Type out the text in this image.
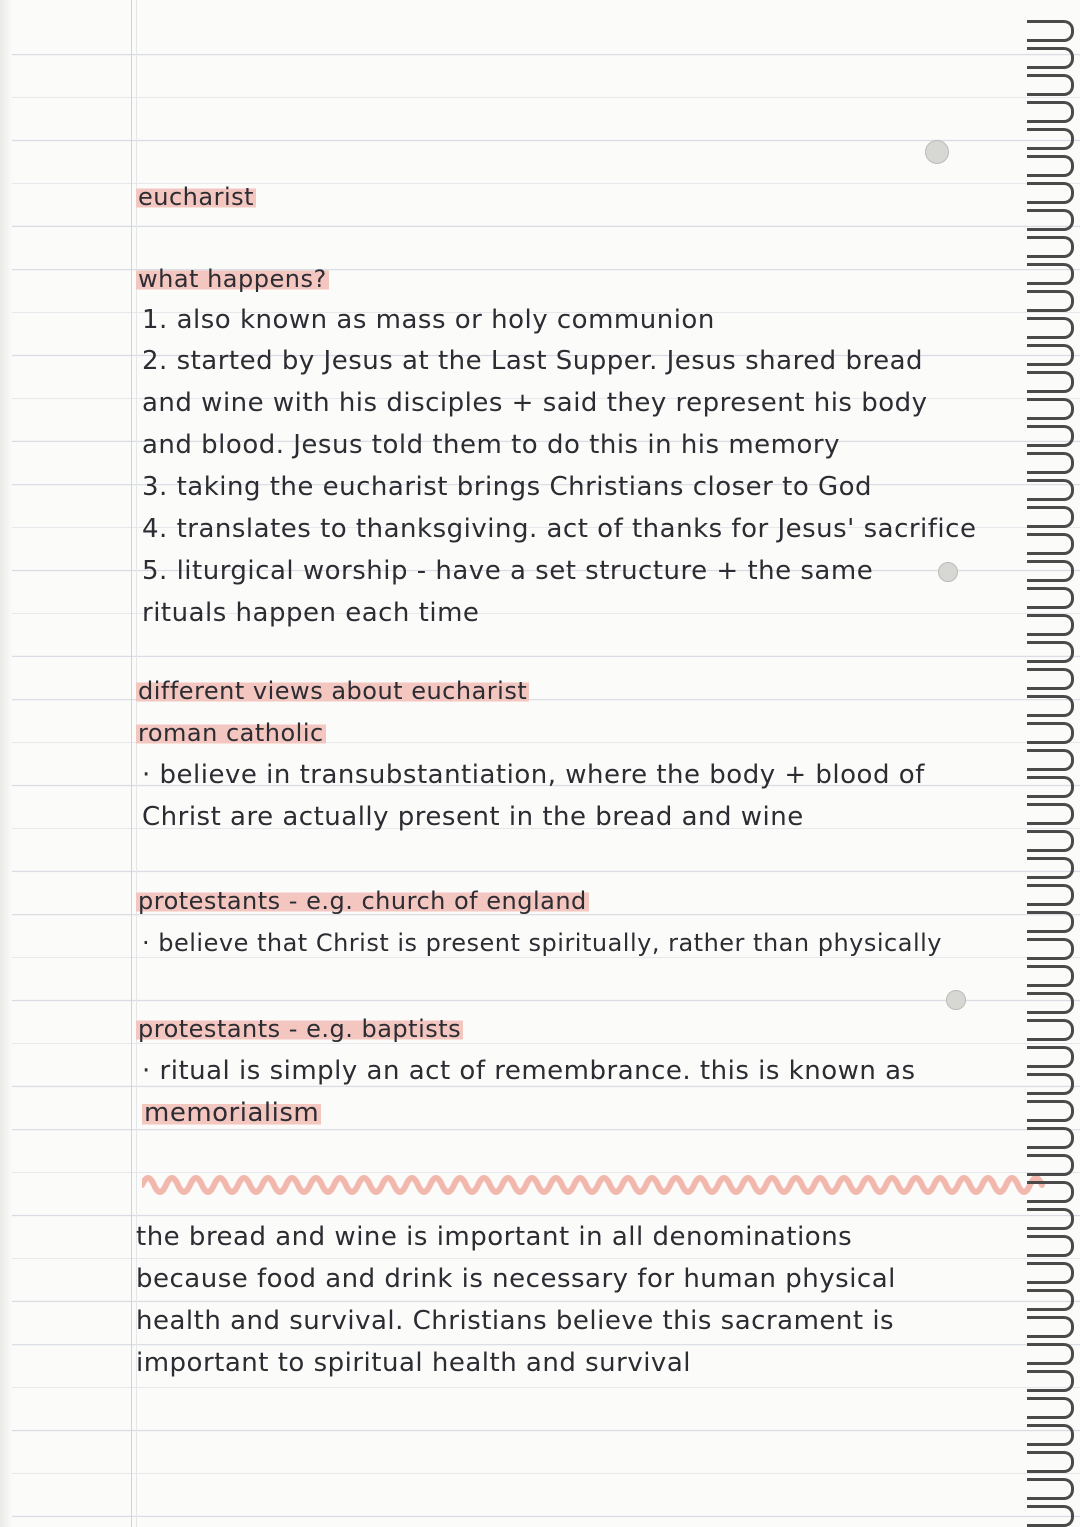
eucharist
what happens?
1. also known as mass or holy communion
2. started by Jesus at the Last Supper. Jesus shared bread
and wine with his disciples + said they represent his body
and blood. Jesus told them to do this in his memory
3. taking the eucharist brings Christians closer to God
4. translates to thanksgiving. act of thanks for Jesus' sacrifice
5. liturgical worship - have a set structure + the same
rituals happen each time
different views about eucharist
roman catholic
· believe in transubstantiation, where the body + blood of
Christ are actually present in the bread and wine
protestants - e.g. church of england
· believe that Christ is present spiritually, rather than physically
protestants - e.g. baptists
· ritual is simply an act of remembrance. this is known as
memorialism
the bread and wine is important in all denominations
because food and drink is necessary for human physical
health and survival. Christians believe this sacrament is
important to spiritual health and survival
